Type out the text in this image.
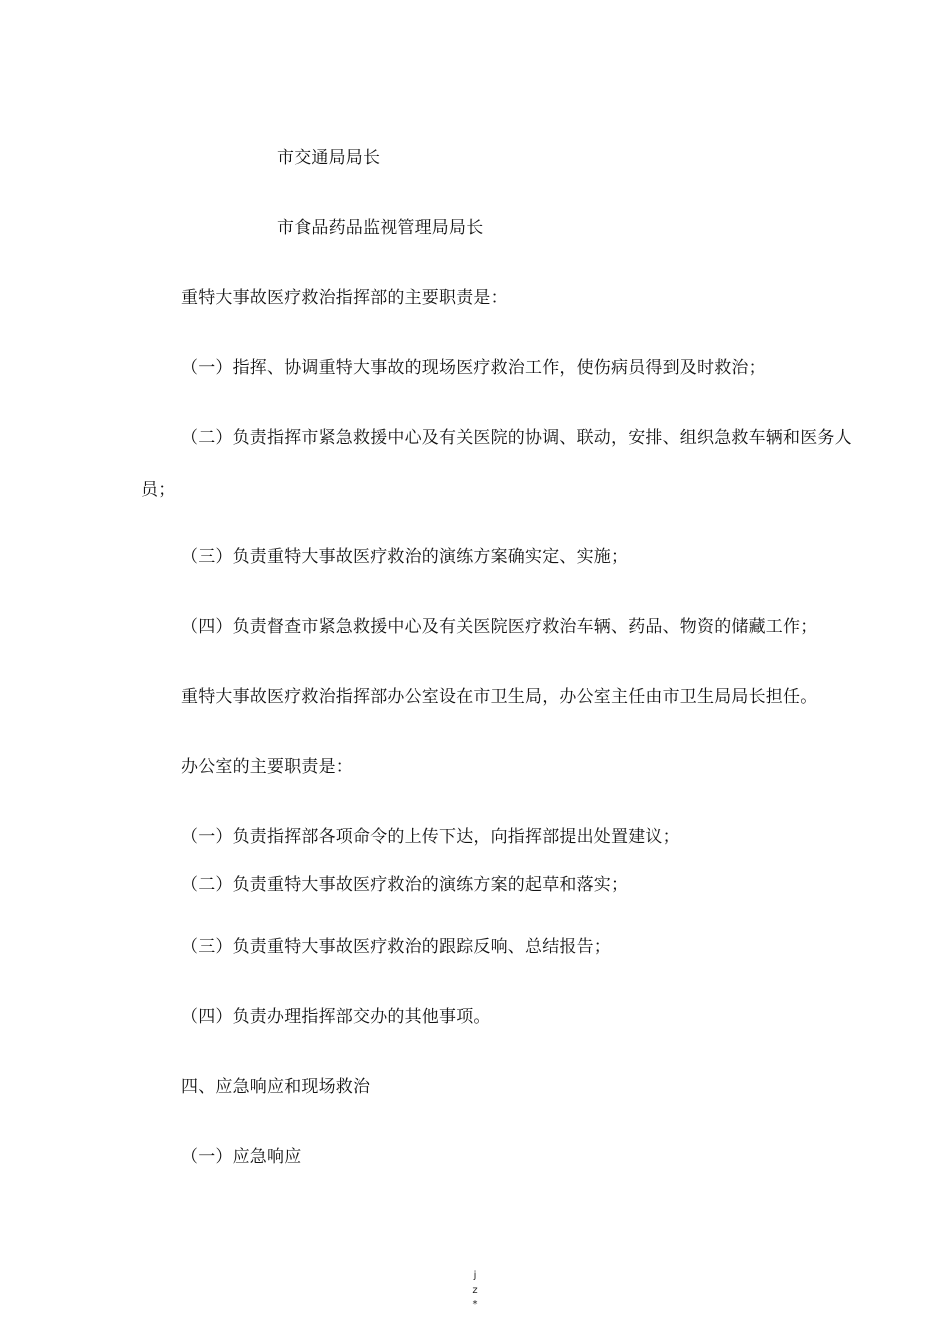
市交通局局长
市食品药品监视管理局局长
重特大事故医疗救治指挥部的主要职责是：
（一）指挥、协调重特大事故的现场医疗救治工作，使伤病员得到及时救治；
（二）负责指挥市紧急救援中心及有关医院的协调、联动，安排、组织急救车辆和医务人
员；
（三）负责重特大事故医疗救治的演练方案确实定、实施；
（四）负责督查市紧急救援中心及有关医院医疗救治车辆、药品、物资的储藏工作；
重特大事故医疗救治指挥部办公室设在市卫生局，办公室主任由市卫生局局长担任。
办公室的主要职责是：
（一）负责指挥部各项命令的上传下达，向指挥部提出处置建议；
（二）负责重特大事故医疗救治的演练方案的起草和落实；
（三）负责重特大事故医疗救治的跟踪反响、总结报告；
（四）负责办理指挥部交办的其他事项。
四、应急响应和现场救治
（一）应急响应
j
z
*
